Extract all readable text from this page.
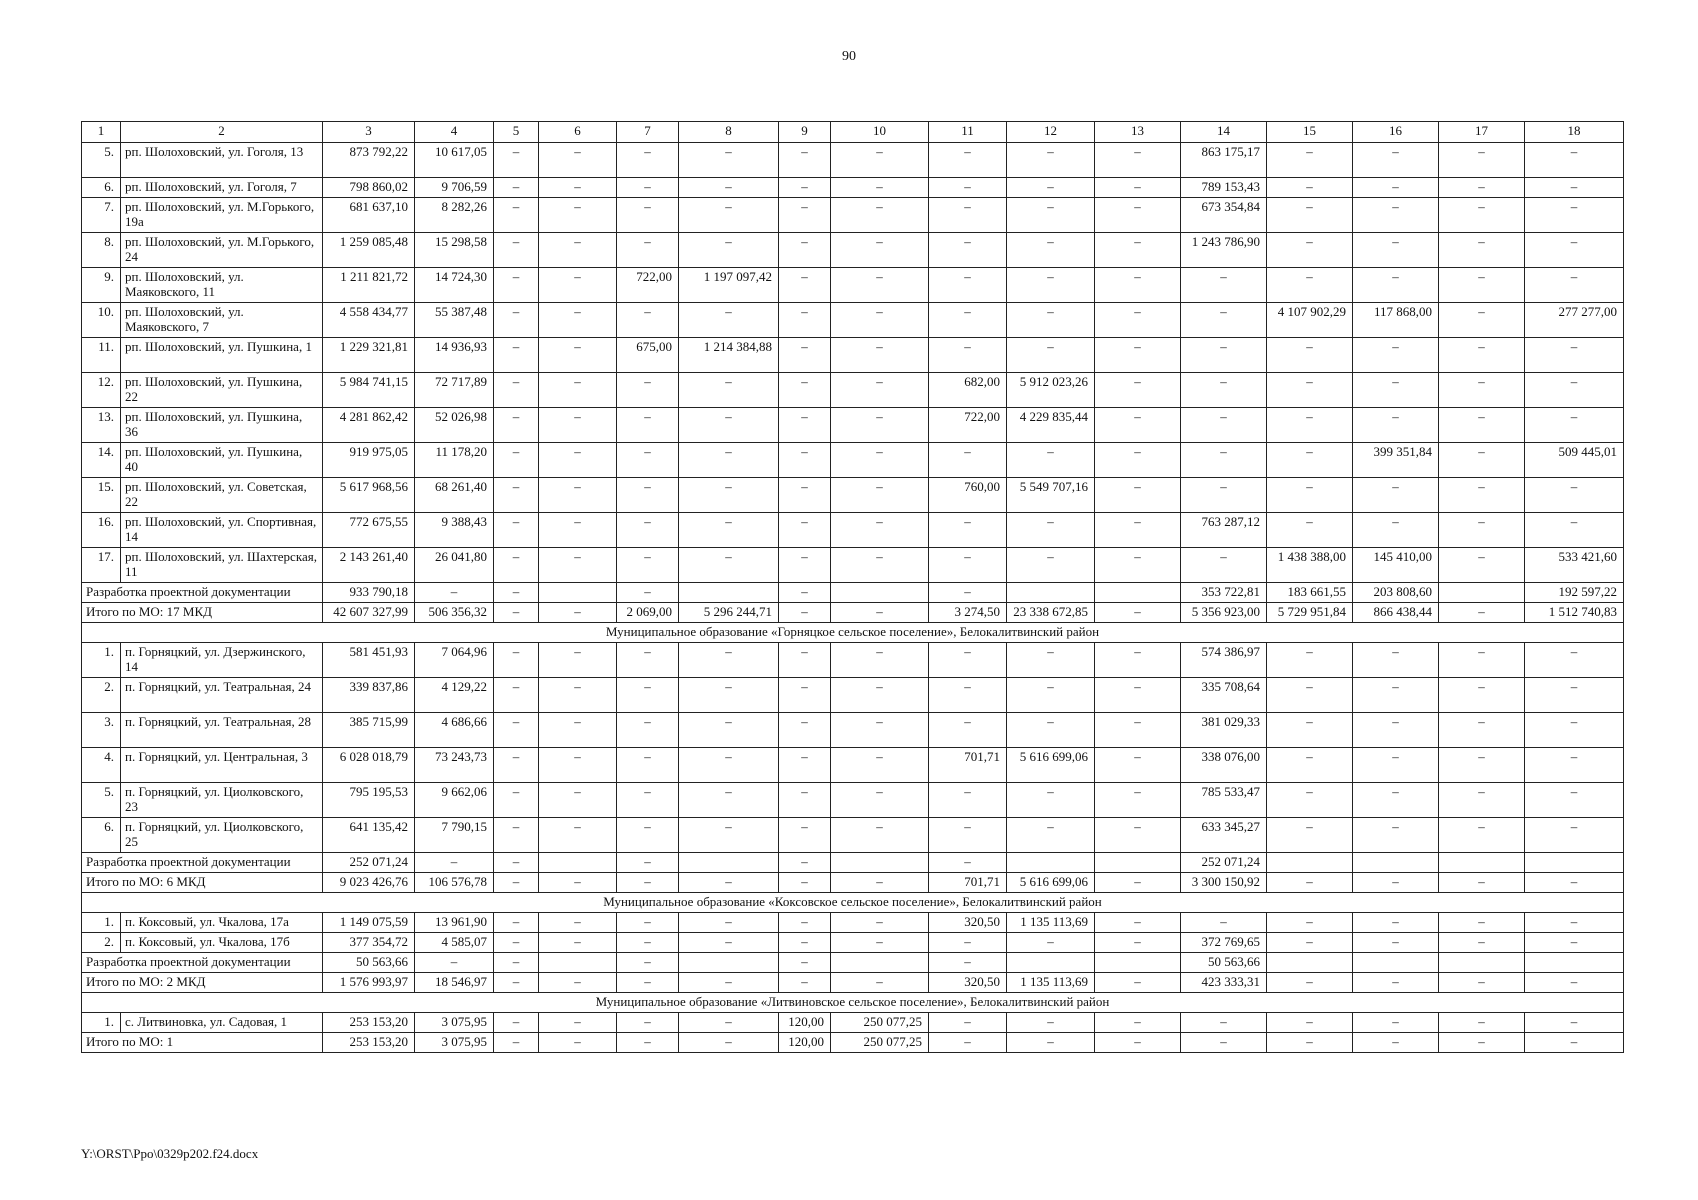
90
1	2	3	4	5	6	7	8	9	10	11	12	13	14	15	16	17	18
5.	рп. Шолоховский, ул. Гоголя, 13	873 792,22	10 617,05	–	–	–	–	–	–	–	–	–	863 175,17	–	–	–	–
6.	рп. Шолоховский, ул. Гоголя, 7	798 860,02	9 706,59	–	–	–	–	–	–	–	–	–	789 153,43	–	–	–	–
7.	рп. Шолоховский, ул. М.Горького, 19а	681 637,10	8 282,26	–	–	–	–	–	–	–	–	–	673 354,84	–	–	–	–
8.	рп. Шолоховский, ул. М.Горького, 24	1 259 085,48	15 298,58	–	–	–	–	–	–	–	–	–	1 243 786,90	–	–	–	–
9.	рп. Шолоховский, ул. Маяковского, 11	1 211 821,72	14 724,30	–	–	722,00	1 197 097,42	–	–	–	–	–	–	–	–	–	–
10.	рп. Шолоховский, ул. Маяковского, 7	4 558 434,77	55 387,48	–	–	–	–	–	–	–	–	–	–	4 107 902,29	117 868,00	–	277 277,00
11.	рп. Шолоховский, ул. Пушкина, 1	1 229 321,81	14 936,93	–	–	675,00	1 214 384,88	–	–	–	–	–	–	–	–	–	–
12.	рп. Шолоховский, ул. Пушкина, 22	5 984 741,15	72 717,89	–	–	–	–	–	–	682,00	5 912 023,26	–	–	–	–	–	–
13.	рп. Шолоховский, ул. Пушкина, 36	4 281 862,42	52 026,98	–	–	–	–	–	–	722,00	4 229 835,44	–	–	–	–	–	–
14.	рп. Шолоховский, ул. Пушкина, 40	919 975,05	11 178,20	–	–	–	–	–	–	–	–	–	–	–	399 351,84	–	509 445,01
15.	рп. Шолоховский, ул. Советская, 22	5 617 968,56	68 261,40	–	–	–	–	–	–	760,00	5 549 707,16	–	–	–	–	–	–
16.	рп. Шолоховский, ул. Спортивная, 14	772 675,55	9 388,43	–	–	–	–	–	–	–	–	–	763 287,12	–	–	–	–
17.	рп. Шолоховский, ул. Шахтерская, 11	2 143 261,40	26 041,80	–	–	–	–	–	–	–	–	–	–	1 438 388,00	145 410,00	–	533 421,60
Разработка проектной документации		933 790,18	–	–		–		–		–			353 722,81	183 661,55	203 808,60		192 597,22
Итого по МО: 17 МКД		42 607 327,99	506 356,32	–	–	2 069,00	5 296 244,71	–	–	3 274,50	23 338 672,85	–	5 356 923,00	5 729 951,84	866 438,44	–	1 512 740,83
Муниципальное образование «Горняцкое сельское поселение», Белокалитвинский район																	
1.	п. Горняцкий, ул. Дзержинского, 14	581 451,93	7 064,96	–	–	–	–	–	–	–	–	–	574 386,97	–	–	–	–
2.	п. Горняцкий, ул. Театральная, 24	339 837,86	4 129,22	–	–	–	–	–	–	–	–	–	335 708,64	–	–	–	–
3.	п. Горняцкий, ул. Театральная, 28	385 715,99	4 686,66	–	–	–	–	–	–	–	–	–	381 029,33	–	–	–	–
4.	п. Горняцкий, ул. Центральная, 3	6 028 018,79	73 243,73	–	–	–	–	–	–	701,71	5 616 699,06	–	338 076,00	–	–	–	–
5.	п. Горняцкий, ул. Циолковского, 23	795 195,53	9 662,06	–	–	–	–	–	–	–	–	–	785 533,47	–	–	–	–
6.	п. Горняцкий, ул. Циолковского, 25	641 135,42	7 790,15	–	–	–	–	–	–	–	–	–	633 345,27	–	–	–	–
Разработка проектной документации		252 071,24	–	–		–		–		–			252 071,24				
Итого по МО: 6 МКД		9 023 426,76	106 576,78	–	–	–	–	–	–	701,71	5 616 699,06	–	3 300 150,92	–	–	–	–
Муниципальное образование «Коксовское сельское поселение», Белокалитвинский район																	
1.	п. Коксовый, ул. Чкалова, 17а	1 149 075,59	13 961,90	–	–	–	–	–	–	320,50	1 135 113,69	–	–	–	–	–	–
2.	п. Коксовый, ул. Чкалова, 17б	377 354,72	4 585,07	–	–	–	–	–	–	–	–	–	372 769,65	–	–	–	–
Разработка проектной документации		50 563,66	–	–		–		–		–			50 563,66				
Итого по МО: 2 МКД		1 576 993,97	18 546,97	–	–	–	–	–	–	320,50	1 135 113,69	–	423 333,31	–	–	–	–
Муниципальное образование «Литвиновское сельское поселение», Белокалитвинский район																	
1.	с. Литвиновка, ул. Садовая, 1	253 153,20	3 075,95	–	–	–	–	120,00	250 077,25	–	–	–	–	–	–	–	–
Итого по МО: 1		253 153,20	3 075,95	–	–	–	–	120,00	250 077,25	–	–	–	–	–	–	–	–
Y:\ORST\Ppo\0329p202.f24.docx
